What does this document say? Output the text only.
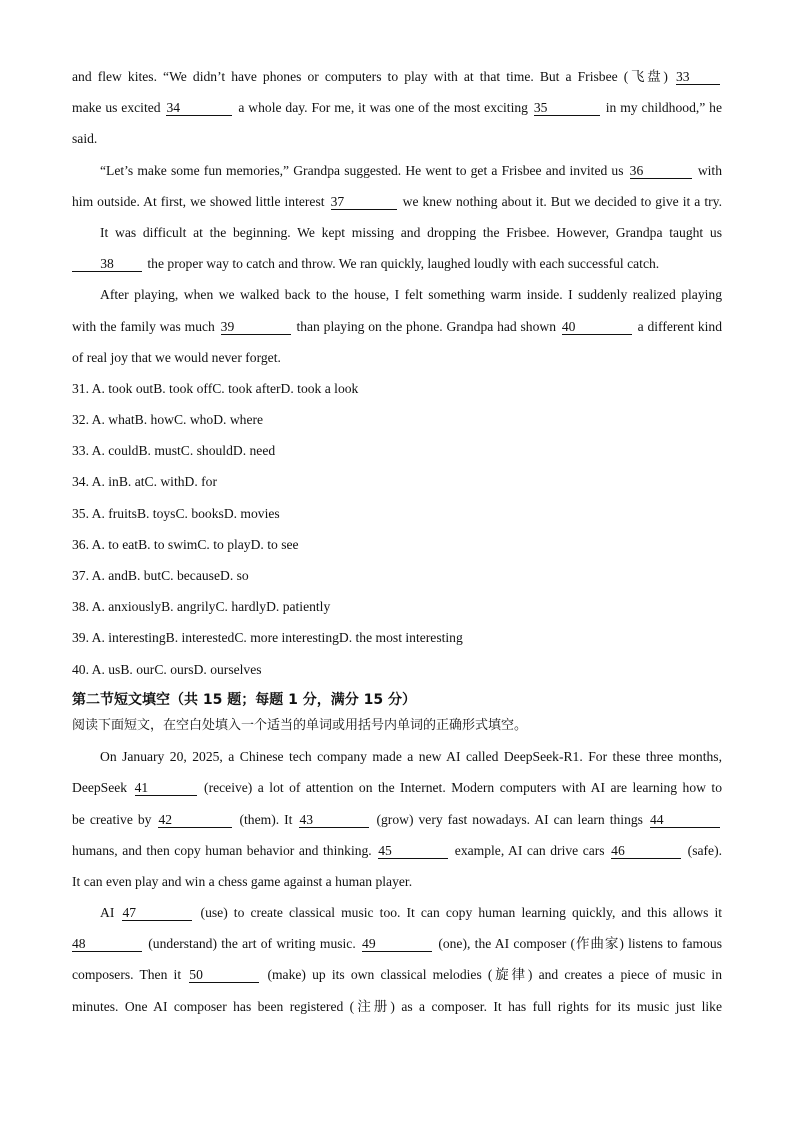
and flew kites. “We didn’t have phones or computers to play with at that time. But a Frisbee (飞盘) 33
make us excited 34	a whole day. For me, it was one of the most exciting 35	in my childhood,” he
said.
“Let’s make some fun memories,” Grandpa suggested. He went to get a Frisbee and invited us 36	with
him outside. At first, we showed little interest 37	we knew nothing about it. But we decided to give it a try.
It was difficult at the beginning. We kept missing and dropping the Frisbee. However, Grandpa taught us
38 the proper way to catch and throw. We ran quickly, laughed loudly with each successful catch.
After playing, when we walked back to the house, I felt something warm inside. I suddenly realized playing
with the family was much 39	than playing on the phone. Grandpa had shown 40	a different kind
of real joy that we would never forget.
31. A. took outB. took offC. took afterD. took a look
32. A. whatB. howC. whoD. where
33. A. couldB. mustC. shouldD. need
34. A. inB. atC. withD. for
35. A. fruitsB. toysC. booksD. movies
36. A. to eatB. to swimC. to playD. to see
37. A. andB. butC. becauseD. so
38. A. anxiouslyB. angrilyC. hardlyD. patiently
39. A. interestingB. interestedC. more interestingD. the most interesting
40. A. usB. ourC. oursD. ourselves
第二节短文填空（共 15 题；每题 1 分，满分 15 分）
阅读下面短文，在空白处填入一个适当的单词或用括号内单词的正确形式填空。
On January 20, 2025, a Chinese tech company made a new AI called DeepSeek-R1. For these three months,
DeepSeek 41	(receive) a lot of attention on the Internet. Modern computers with AI are learning how to
be creative by 42	(them). It 43	(grow) very fast nowadays. AI can learn things 44
humans, and then copy human behavior and thinking. 45	example, AI can drive cars 46	(safe).
It can even play and win a chess game against a human player.
AI 47	(use) to create classical music too. It can copy human learning quickly, and this allows it
48	(understand) the art of writing music. 49	(one), the AI composer (作曲家) listens to famous
composers. Then it 50	(make) up its own classical melodies (旋律) and creates a piece of music in
minutes. One AI composer has been registered (注册) as a composer. It has full rights for its music just like
